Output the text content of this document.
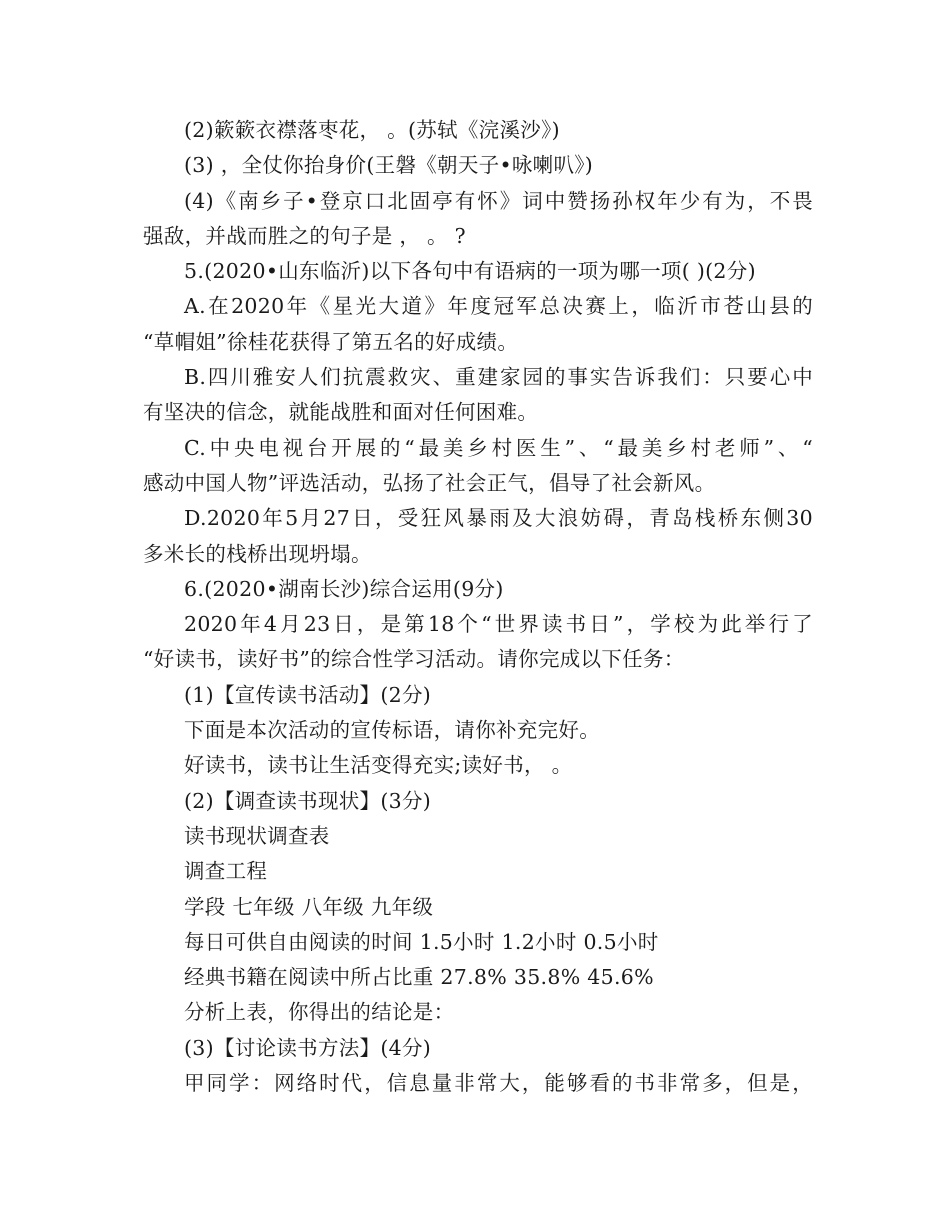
(2)簌簌衣襟落枣花， 。(苏轼《浣溪沙》)
(3) ，全仗你抬身价(王磐《朝天子•咏喇叭》)
(4)《南乡子•登京口北固亭有怀》词中赞扬孙权年少有为，不畏
强敌，并战而胜之的句子是 ， 。 ?
5.(2020•山东临沂)以下各句中有语病的一项为哪一项( )(2分)
A.在2020年《星光大道》年度冠军总决赛上，临沂市苍山县的
“草帽姐”徐桂花获得了第五名的好成绩。
B.四川雅安人们抗震救灾、重建家园的事实告诉我们：只要心中
有坚决的信念，就能战胜和面对任何困难。
C.中央电视台开展的“最美乡村医生”、“最美乡村老师”、“
感动中国人物”评选活动，弘扬了社会正气，倡导了社会新风。
D.2020年5月27日，受狂风暴雨及大浪妨碍，青岛栈桥东侧30
多米长的栈桥出现坍塌。
6.(2020•湖南长沙)综合运用(9分)
2020年4月23日，是第18个“世界读书日”，学校为此举行了
“好读书，读好书”的综合性学习活动。请你完成以下任务：
(1)【宣传读书活动】(2分)
下面是本次活动的宣传标语，请你补充完好。
好读书，读书让生活变得充实;读好书， 。
(2)【调查读书现状】(3分)
读书现状调查表
调查工程
学段 七年级 八年级 九年级
每日可供自由阅读的时间 1.5小时 1.2小时 0.5小时
经典书籍在阅读中所占比重 27.8% 35.8% 45.6%
分析上表，你得出的结论是：
(3)【讨论读书方法】(4分)
甲同学：网络时代，信息量非常大，能够看的书非常多，但是，
